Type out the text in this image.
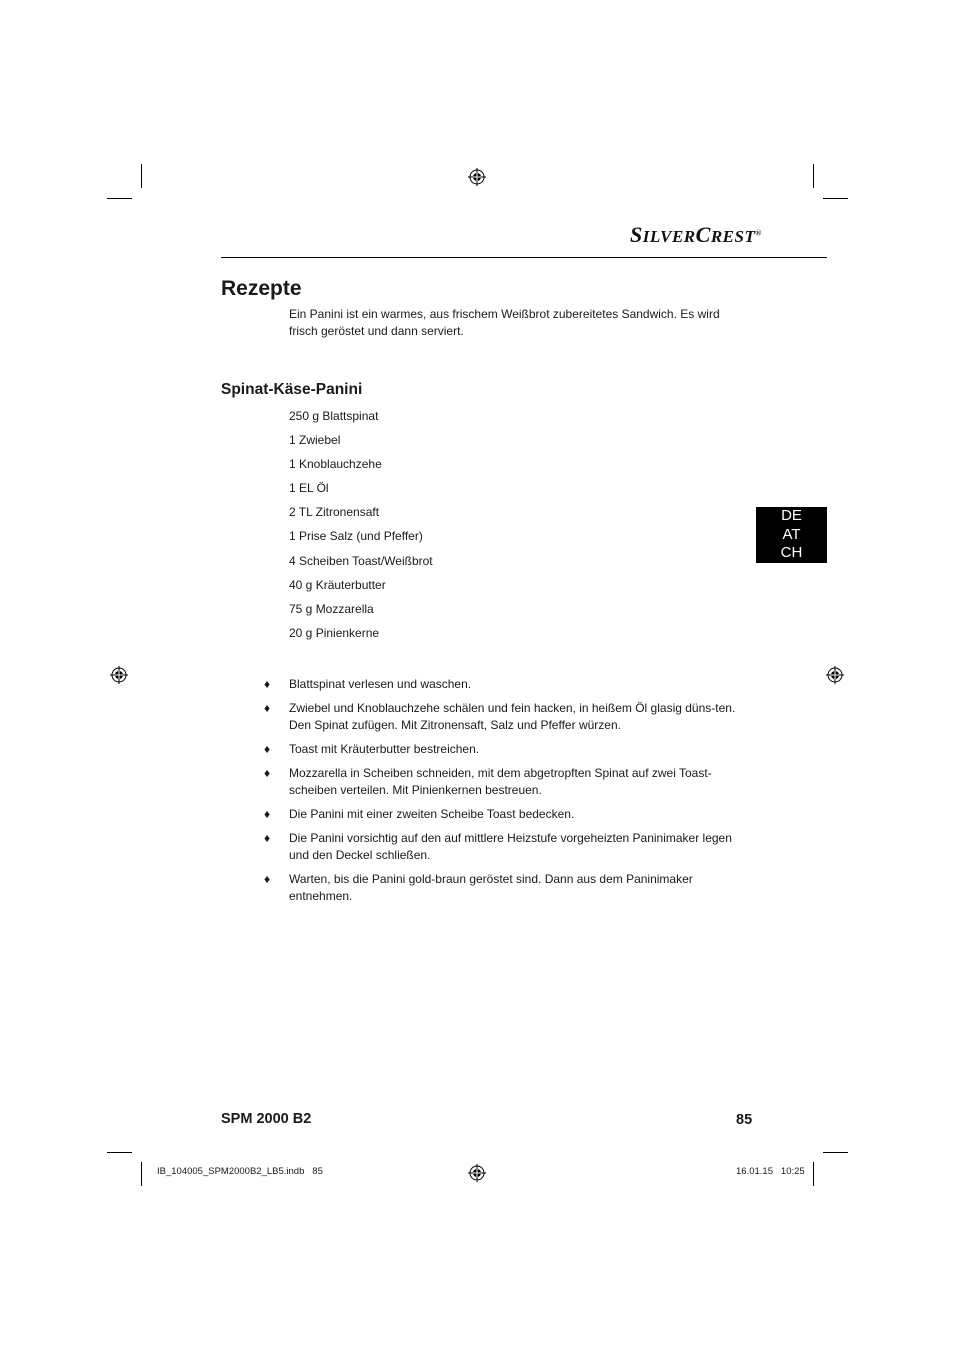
SILVERCREST®
Rezepte

Ein Panini ist ein warmes, aus frischem Weißbrot zubereitetes Sandwich. Es wird frisch geröstet und dann serviert.

Spinat-Käse-Panini
250 g Blattspinat
1 Zwiebel
1 Knoblauchzehe
1 EL Öl
2 TL Zitronensaft
1 Prise Salz (und Pfeffer)
4 Scheiben Toast/Weißbrot
40 g Kräuterbutter
75 g Mozzarella
20 g Pinienkerne
♦ Blattspinat verlesen und waschen.
♦ Zwiebel und Knoblauchzehe schälen und fein hacken, in heißem Öl glasig düns-ten. Den Spinat zufügen. Mit Zitronensaft, Salz und Pfeffer würzen.
♦ Toast mit Kräuterbutter bestreichen.
♦ Mozzarella in Scheiben schneiden, mit dem abgetropften Spinat auf zwei Toast-scheiben verteilen. Mit Pinienkernen bestreuen.
♦ Die Panini mit einer zweiten Scheibe Toast bedecken.
♦ Die Panini vorsichtig auf den auf mittlere Heizstufe vorgeheizten Paninimaker legen und den Deckel schließen.
♦ Warten, bis die Panini gold-braun geröstet sind. Dann aus dem Paninimaker entnehmen.
DE
AT
CH
SPM 2000 B2	85
IB_104005_SPM2000B2_LB5.indb   85	16.01.15 10:25
